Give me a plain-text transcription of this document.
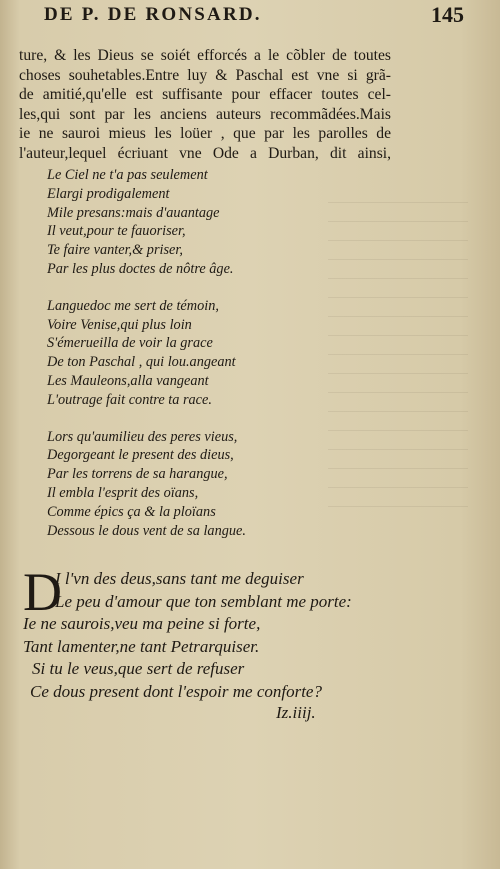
DE P. DE RONSARD.	145
ture, & les Dieus se soiét efforcés a le cõbler de toutes
choses souhetables.Entre luy & Paschal est vne si grã-
de amitié,qu'elle est suffisante pour effacer toutes cel-
les,qui sont par les anciens auteurs recommãdées.Mais
ie ne sauroi mieus les loüer , que par les parolles de
l'auteur,lequel écriuant vne Ode a Durban, dit ainsi,
Le Ciel ne t'a pas seulement
Elargi prodigalement
Mile presans:mais d'auantage
Il veut,pour te fauoriser,
Te faire vanter,& priser,
Par les plus doctes de nôtre âge.
Languedoc me sert de témoin,
Voire Venise,qui plus loin
S'émerueilla de voir la grace
De ton Paschal , qui lou.angeant
Les Mauleons,alla vangeant
L'outrage fait contre ta race.
Lors qu'aumilieu des peres vieus,
Degorgeant le present des dieus,
Par les torrens de sa harangue,
Il embla l'esprit des oïans,
Comme épics ça & la ploïans
Dessous le dous vent de sa langue.
D
I l'vn des deus,sans tant me deguiser
Le peu d'amour que ton semblant me porte:
Ie ne saurois,veu ma peine si forte,
Tant lamenter,ne tant Petrarquiser.
Si tu le veus,que sert de refuser
Ce dous present dont l'espoir me conforte?
Iz.iiij.
